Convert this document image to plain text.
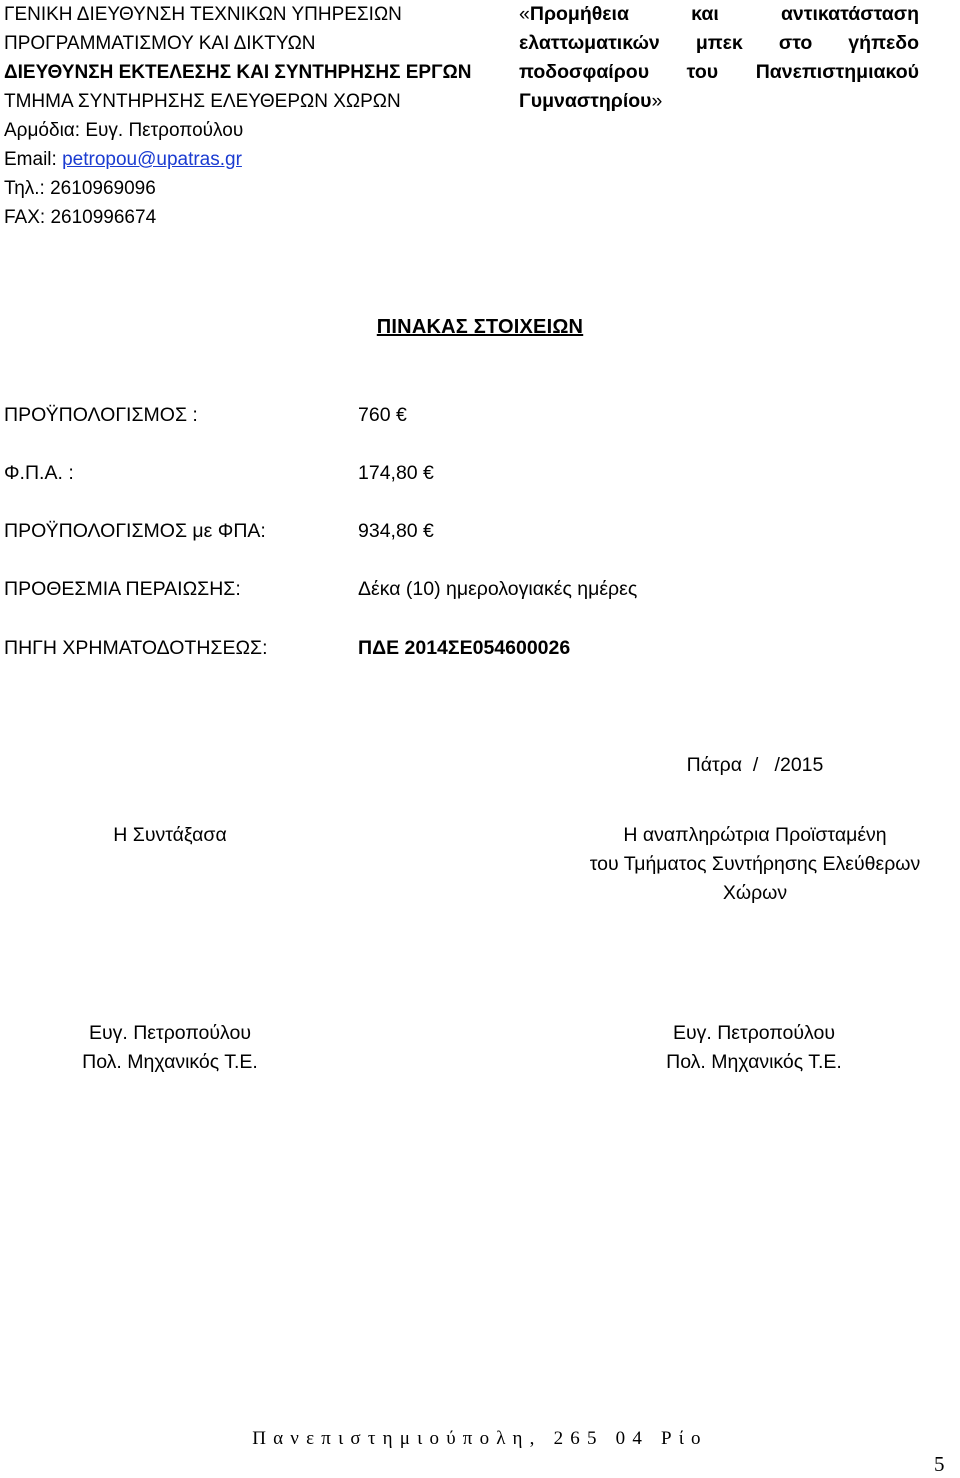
ΓΕΝΙΚΗ ΔΙΕΥΘΥΝΣΗ ΤΕΧΝΙΚΩΝ ΥΠΗΡΕΣΙΩΝ
ΠΡΟΓΡΑΜΜΑΤΙΣΜΟΥ ΚΑΙ ΔΙΚΤΥΩΝ
ΔΙΕΥΘΥΝΣΗ ΕΚΤΕΛΕΣΗΣ ΚΑΙ ΣΥΝΤΗΡΗΣΗΣ ΕΡΓΩΝ
ΤΜΗΜΑ ΣΥΝΤΗΡΗΣΗΣ ΕΛΕΥΘΕΡΩΝ ΧΩΡΩΝ
Αρμόδια: Ευγ. Πετροπούλου
Email: petropou@upatras.gr
Τηλ.: 2610969096
FAX: 2610996674
«Προμήθεια και αντικατάσταση ελαττωματικών μπεκ στο γήπεδο ποδοσφαίρου του Πανεπιστημιακού Γυμναστηρίου»
ΠΙΝΑΚΑΣ ΣΤΟΙΧΕΙΩΝ
ΠΡΟΫΠΟΛΟΓΙΣΜΟΣ :	760 €
Φ.Π.Α. :	174,80 €
ΠΡΟΫΠΟΛΟΓΙΣΜΟΣ με ΦΠΑ:	934,80 €
ΠΡΟΘΕΣΜΙΑ ΠΕΡΑΙΩΣΗΣ:	Δέκα (10) ημερολογιακές ημέρες
ΠΗΓΗ ΧΡΗΜΑΤΟΔΟΤΗΣΕΩΣ:	ΠΔΕ 2014ΣΕ054600026
Πάτρα  /   /2015
Η Συντάξασα	Η αναπληρώτρια Προϊσταμένη
του Τμήματος Συντήρησης Ελεύθερων
Χώρων
Ευγ. Πετροπούλου
Πολ. Μηχανικός Τ.Ε.
Ευγ. Πετροπούλου
Πολ. Μηχανικός Τ.Ε.
Πανεπιστημιούπολη, 265 04 Ρίο
5
